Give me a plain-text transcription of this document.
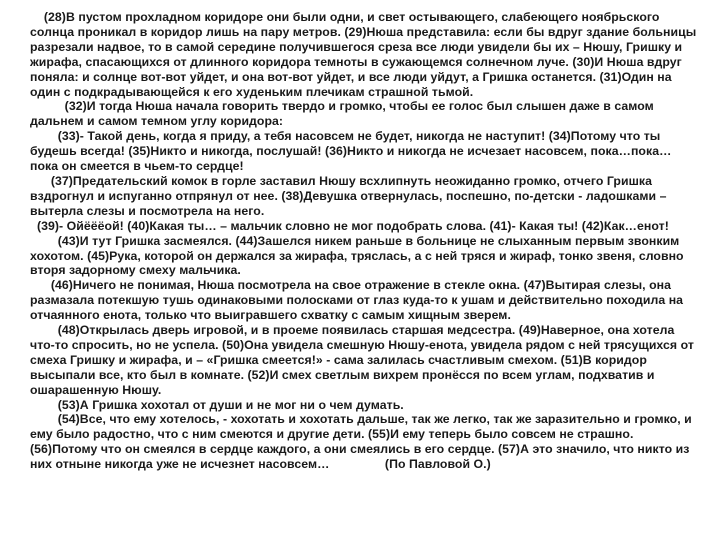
(28)В пустом прохладном коридоре они были одни, и свет остывающего, слабеющего ноябрьского солнца проникал в коридор лишь на пару метров. (29)Нюша представила: если бы вдруг здание больницы разрезали надвое, то в самой середине получившегося среза все люди увидели бы их – Нюшу, Гришку и жирафа, спасающихся от длинного коридора темноты в сужающемся солнечном луче. (30)И Нюша вдруг поняла: и солнце вот-вот уйдет, и она вот-вот уйдет, и все люди уйдут, а Гришка останется. (31)Один на один с подкрадывающейся к его худеньким плечикам страшной тьмой.

(32)И тогда Нюша начала говорить твердо и громко, чтобы ее голос был слышен даже в самом дальнем и самом темном углу коридора:

(33)- Такой день, когда я приду, а тебя насовсем не будет, никогда не наступит! (34)Потому что ты будешь всегда! (35)Никто и никогда, послушай! (36)Никто и никогда не исчезает насовсем, пока…пока… пока он смеется в чьем-то сердце!

(37)Предательский комок в горле заставил Нюшу всхлипнуть неожиданно громко, отчего Гришка вздрогнул и испуганно отпрянул от нее. (38)Девушка отвернулась, поспешно, по-детски - ладошками – вытерла слезы и посмотрела на него.

(39)- Ойёёёой! (40)Какая ты… – мальчик словно не мог подобрать слова. (41)- Какая ты! (42)Как…енот!

(43)И тут Гришка засмеялся. (44)Зашелся никем раньше в больнице не слыханным первым звонким хохотом. (45)Рука, которой он держался за жирафа, тряслась, а с ней тряся и жираф, тонко звеня, словно вторя задорному смеху мальчика.

(46)Ничего не понимая, Нюша посмотрела на свое отражение в стекле окна. (47)Вытирая слезы, она размазала потекшую тушь одинаковыми полосками от глаз куда-то к ушам и действительно походила на отчаянного енота, только что выигравшего схватку с самым хищным зверем.

(48)Открылась дверь игровой, и в проеме появилась старшая медсестра. (49)Наверное, она хотела что-то спросить, но не успела. (50)Она увидела смешную Нюшу-енота, увидела рядом с ней трясущихся от смеха Гришку и жирафа, и – «Гришка смеется!» - сама залилась счастливым смехом. (51)В коридор высыпали все, кто был в комнате. (52)И смех светлым вихрем пронёсся по всем углам, подхватив и ошарашенную Нюшу.

(53)А Гришка хохотал от души и не мог ни о чем думать.

(54)Все, что ему хотелось, - хохотать и хохотать дальше, так же легко, так же заразительно и громко, и ему было радостно, что с ним смеются и другие дети. (55)И ему теперь было совсем не страшно. (56)Потому что он смеялся в сердце каждого, а они смеялись в его сердце. (57)А это значило, что никто из них отныне никогда уже не исчезнет насовсем…                (По Павловой О.)
